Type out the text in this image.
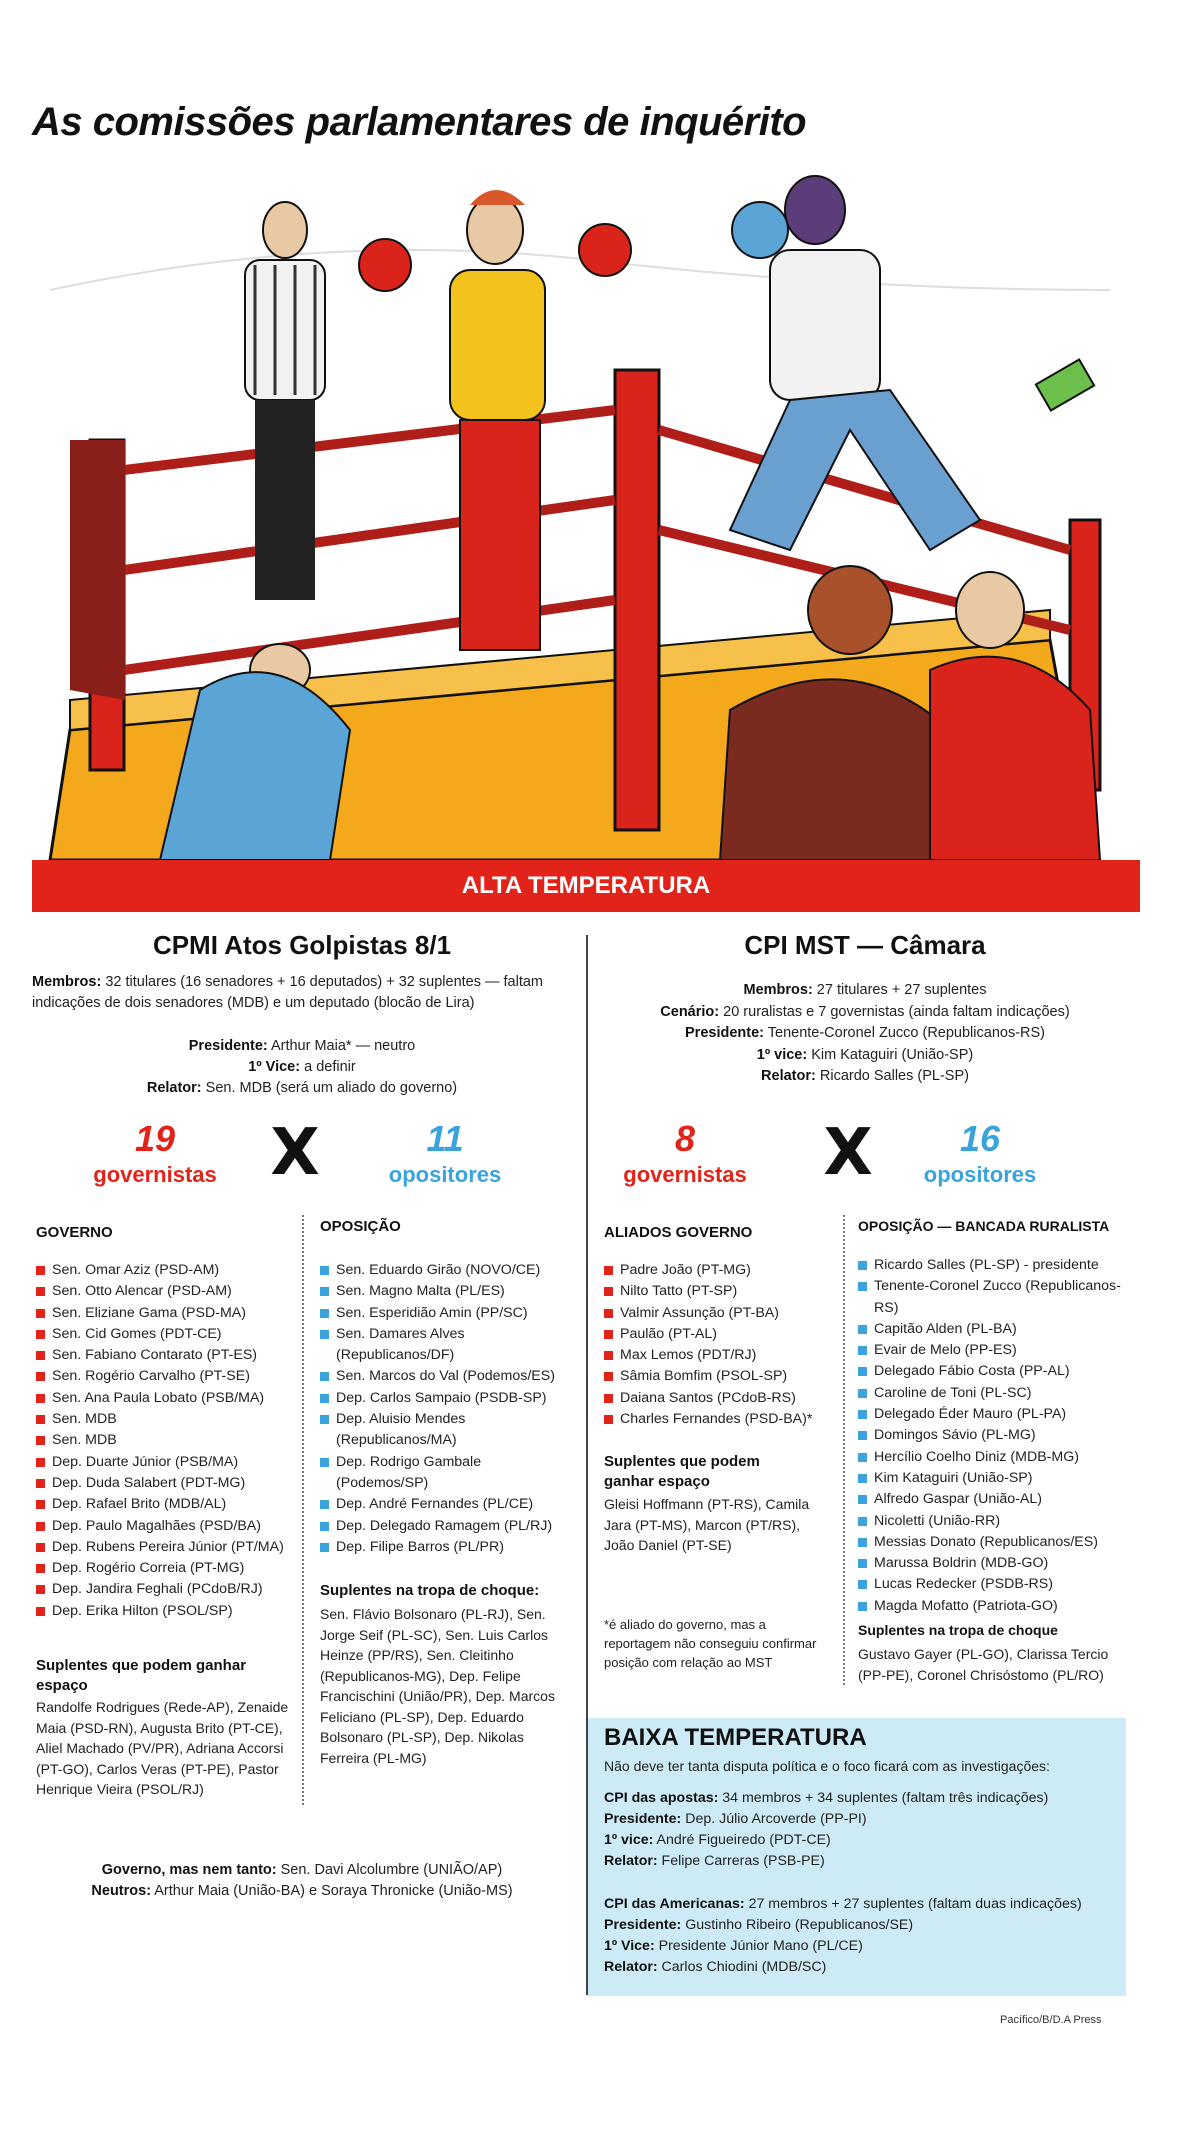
As comissões parlamentares de inquérito
ALTA TEMPERATURA
CPMI Atos Golpistas 8/1
Membros: 32 titulares (16 senadores + 16 deputados) + 32 suplentes — faltam indicações de dois senadores (MDB) e um deputado (blocão de Lira)
Presidente: Arthur Maia* — neutro
1º Vice: a definir
Relator: Sen. MDB (será um aliado do governo)
19
governistas X	11
opositores
GOVERNO
Sen. Omar Aziz (PSD-AM)
Sen. Otto Alencar (PSD-AM)
Sen. Eliziane Gama (PSD-MA)
Sen. Cid Gomes (PDT-CE)
Sen. Fabiano Contarato (PT-ES)
Sen. Rogério Carvalho (PT-SE)
Sen. Ana Paula Lobato (PSB/MA)
Sen. MDB
Sen. MDB
Dep. Duarte Júnior (PSB/MA)
Dep. Duda Salabert (PDT-MG)
Dep. Rafael Brito (MDB/AL)
Dep. Paulo Magalhães (PSD/BA)
Dep. Rubens Pereira Júnior (PT/MA)
Dep. Rogério Correia (PT-MG)
Dep. Jandira Feghali (PCdoB/RJ)
Dep. Erika Hilton (PSOL/SP)
Suplentes que podem ganhar espaço
Randolfe Rodrigues (Rede-AP), Zenaide Maia (PSD-RN), Augusta Brito (PT-CE), Aliel Machado (PV/PR), Adriana Accorsi (PT-GO), Carlos Veras (PT-PE), Pastor Henrique Vieira (PSOL/RJ)
OPOSIÇÃO
Sen. Eduardo Girão (NOVO/CE)
Sen. Magno Malta (PL/ES)
Sen. Esperidião Amin (PP/SC)
Sen. Damares Alves (Republicanos/DF)
Sen. Marcos do Val (Podemos/ES)
Dep. Carlos Sampaio (PSDB-SP)
Dep. Aluisio Mendes (Republicanos/MA)
Dep. Rodrigo Gambale (Podemos/SP)
Dep. André Fernandes (PL/CE)
Dep. Delegado Ramagem (PL/RJ)
Dep. Filipe Barros (PL/PR)
Suplentes na tropa de choque:
Sen. Flávio Bolsonaro (PL-RJ), Sen. Jorge Seif (PL-SC), Sen. Luis Carlos Heinze (PP/RS), Sen. Cleitinho (Republicanos-MG), Dep. Felipe Francischini (União/PR), Dep. Marcos Feliciano (PL-SP), Dep. Eduardo Bolsonaro (PL-SP), Dep. Nikolas Ferreira (PL-MG)
Governo, mas nem tanto: Sen. Davi Alcolumbre (UNIÃO/AP)
Neutros: Arthur Maia (União-BA) e Soraya Thronicke (União-MS)
CPI MST — Câmara
Membros: 27 titulares + 27 suplentes
Cenário: 20 ruralistas e 7 governistas (ainda faltam indicações)
Presidente: Tenente-Coronel Zucco (Republicanos-RS)
1º vice: Kim Kataguiri (União-SP)
Relator: Ricardo Salles (PL-SP)
8
governistas	X	16
opositores
ALIADOS GOVERNO
Padre João (PT-MG)
Nilto Tatto (PT-SP)
Valmir Assunção (PT-BA)
Paulão (PT-AL)
Max Lemos (PDT/RJ)
Sâmia Bomfim (PSOL-SP)
Daiana Santos (PCdoB-RS)
Charles Fernandes (PSD-BA)*
Suplentes que podem ganhar espaço
Gleisi Hoffmann (PT-RS), Camila Jara (PT-MS), Marcon (PT/RS), João Daniel (PT-SE)
*é aliado do governo, mas a reportagem não conseguiu confirmar posição com relação ao MST
OPOSIÇÃO — BANCADA RURALISTA
Ricardo Salles (PL-SP) - presidente
Tenente-Coronel Zucco (Republicanos-RS)
Capitão Alden (PL-BA)
Evair de Melo (PP-ES)
Delegado Fábio Costa (PP-AL)
Caroline de Toni (PL-SC)
Delegado Éder Mauro (PL-PA)
Domingos Sávio (PL-MG)
Hercílio Coelho Diniz (MDB-MG)
Kim Kataguiri (União-SP)
Alfredo Gaspar (União-AL)
Nicoletti (União-RR)
Messias Donato (Republicanos/ES)
Marussa Boldrin (MDB-GO)
Lucas Redecker (PSDB-RS)
Magda Mofatto (Patriota-GO)
Suplentes na tropa de choque
Gustavo Gayer (PL-GO), Clarissa Tercio (PP-PE), Coronel Chrisóstomo (PL/RO)
BAIXA TEMPERATURA
Não deve ter tanta disputa política e o foco ficará com as investigações:
CPI das apostas: 34 membros + 34 suplentes (faltam três indicações)
Presidente: Dep. Júlio Arcoverde (PP-PI)
1º vice: André Figueiredo (PDT-CE)
Relator: Felipe Carreras (PSB-PE)
CPI das Americanas: 27 membros + 27 suplentes (faltam duas indicações)
Presidente: Gustinho Ribeiro (Republicanos/SE)
1º Vice: Presidente Júnior Mano (PL/CE)
Relator: Carlos Chiodini (MDB/SC)
Pacífico/B/D.A Press
